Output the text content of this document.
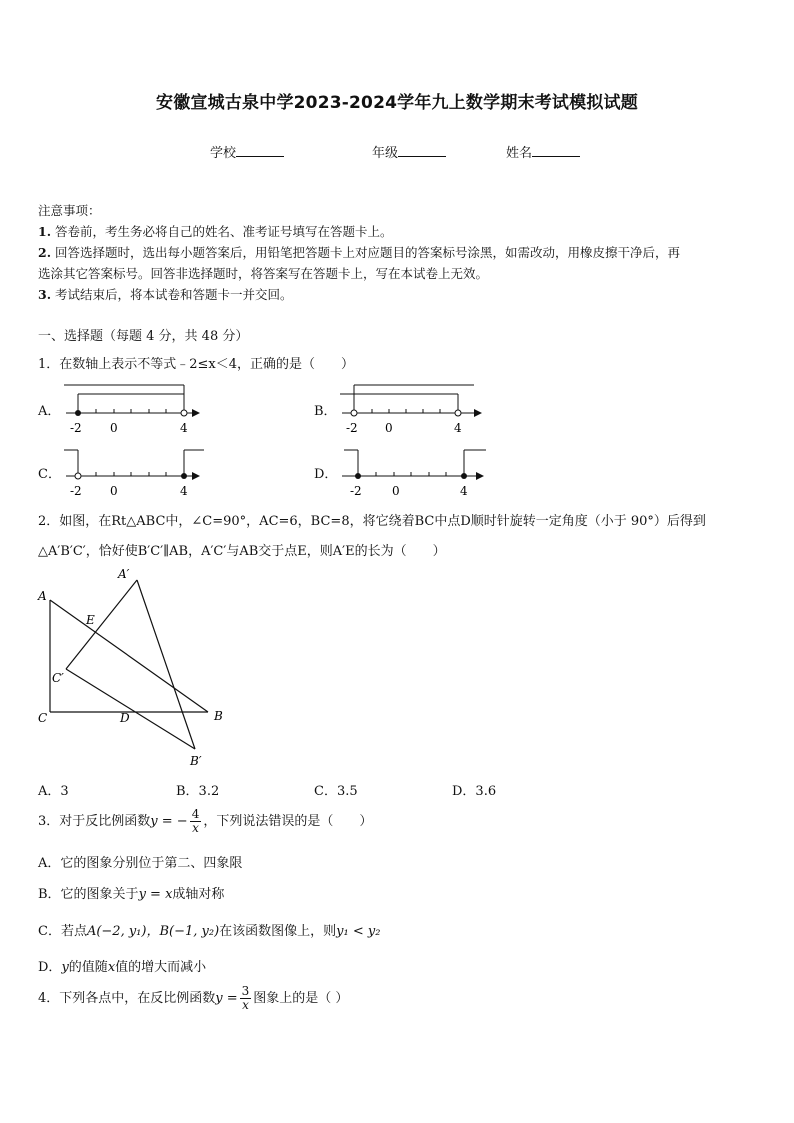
安徽宣城古泉中学2023-2024学年九上数学期末考试模拟试题
学校	年级	姓名
注意事项：
1. 答卷前，考生务必将自己的姓名、准考证号填写在答题卡上。
2. 回答选择题时，选出每小题答案后，用铅笔把答题卡上对应题目的答案标号涂黑，如需改动，用橡皮擦干净后，再
选涂其它答案标号。回答非选择题时，将答案写在答题卡上，写在本试卷上无效。
3. 考试结束后，将本试卷和答题卡一并交回。
一、选择题（每题 4 分，共 48 分）
1．在数轴上表示不等式﹣2≤x＜4，正确的是（　　）
A．
-2 0	4
B．
-2 0	4
C．
-2 0	4
D．
-2	0	4
2．如图，在Rt△ABC中，∠C=90°，AC=6，BC=8，将它绕着BC中点D顺时针旋转一定角度（小于 90°）后得到
△A′B′C′，恰好使B′C′∥AB，A′C′与AB交于点E，则A′E的长为（　　）
A
A′
E
C′
C	D	B
B′
A．3	B．3.2	C．3.5	D．3.6
3．对于反比例函数y = − $\frac{4}{x}$ ，下列说法错误的是（　　）
A．它的图象分别位于第二、四象限
B．它的图象关于y = x成轴对称
C．若点A(−2, y₁)，B(−1, y₂)在该函数图像上，则y₁ < y₂
D．y的值随x值的增大而减小
4．下列各点中，在反比例函数$y = \frac{3}{x}$ 图象上的是（ ）
